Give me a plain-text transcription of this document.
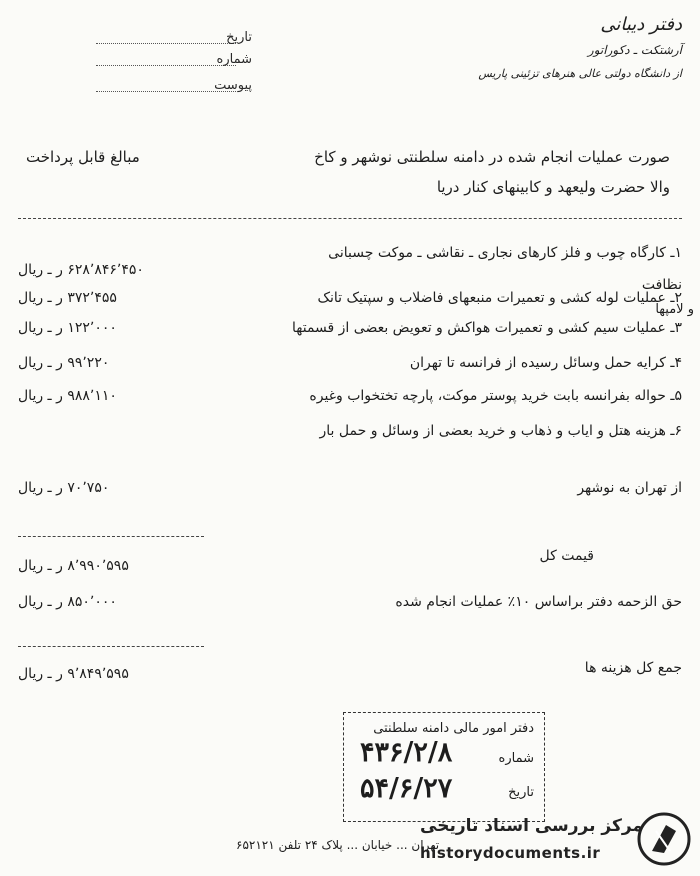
دفتر دیبانی
آرشتکت ـ دکوراتور
از دانشگاه دولتی عالی هنرهای تزئینی پاریس
تاریخ
شماره
پیوست
صورت عملیات انجام شده در دامنه سلطنتی نوشهر و کاخ
والا حضرت ولیعهد و کابینهای کنار دریا
مبالغ قابل پرداخت
۱ـ کارگاه چوب و فلز کارهای نجاری ـ نقاشی ـ موکت چسبانی
نظافت
۶۲۸٬۸۴۶٬۴۵۰ ر ـ ریال
۲ـ عملیات لوله کشی و تعمیرات منبعهای فاضلاب و سپتیک تانک
۳۷۲٬۴۵۵ ر ـ ریال
و لامپها
۳ـ عملیات سیم کشی و تعمیرات هواکش و تعویض بعضی از قسمتها
۱۲۲٬۰۰۰ ر ـ ریال
۴ـ کرایه حمل وسائل رسیده از فرانسه تا تهران
۹۹٬۲۲۰ ر ـ ریال
۵ـ حواله بفرانسه بابت خرید پوستر موکت، پارچه تختخواب وغیره
۹۸۸٬۱۱۰ ر ـ ریال
۶ـ هزینه هتل و ایاب و ذهاب و خرید بعضی از وسائل و حمل بار
از تهران به نوشهر
۷۰٬۷۵۰ ر ـ ریال
قیمت کل
۸٬۹۹۰٬۵۹۵ ر ـ ریال
حق الزحمه دفتر براساس ۱۰٪ عملیات انجام شده
۸۵۰٬۰۰۰ ر ـ ریال
جمع کل هزینه ها
۹٬۸۴۹٬۵۹۵ ر ـ ریال
دفتر امور مالی دامنه سلطنتی
شماره
۴۳۶/۲/۸
تاریخ
۵۴/۶/۲۷
تهران ... خیابان ... پلاک ۲۴ تلفن ۶۵۲۱۲۱
مرکز بررسی اسناد تاریخی
historydocuments.ir
